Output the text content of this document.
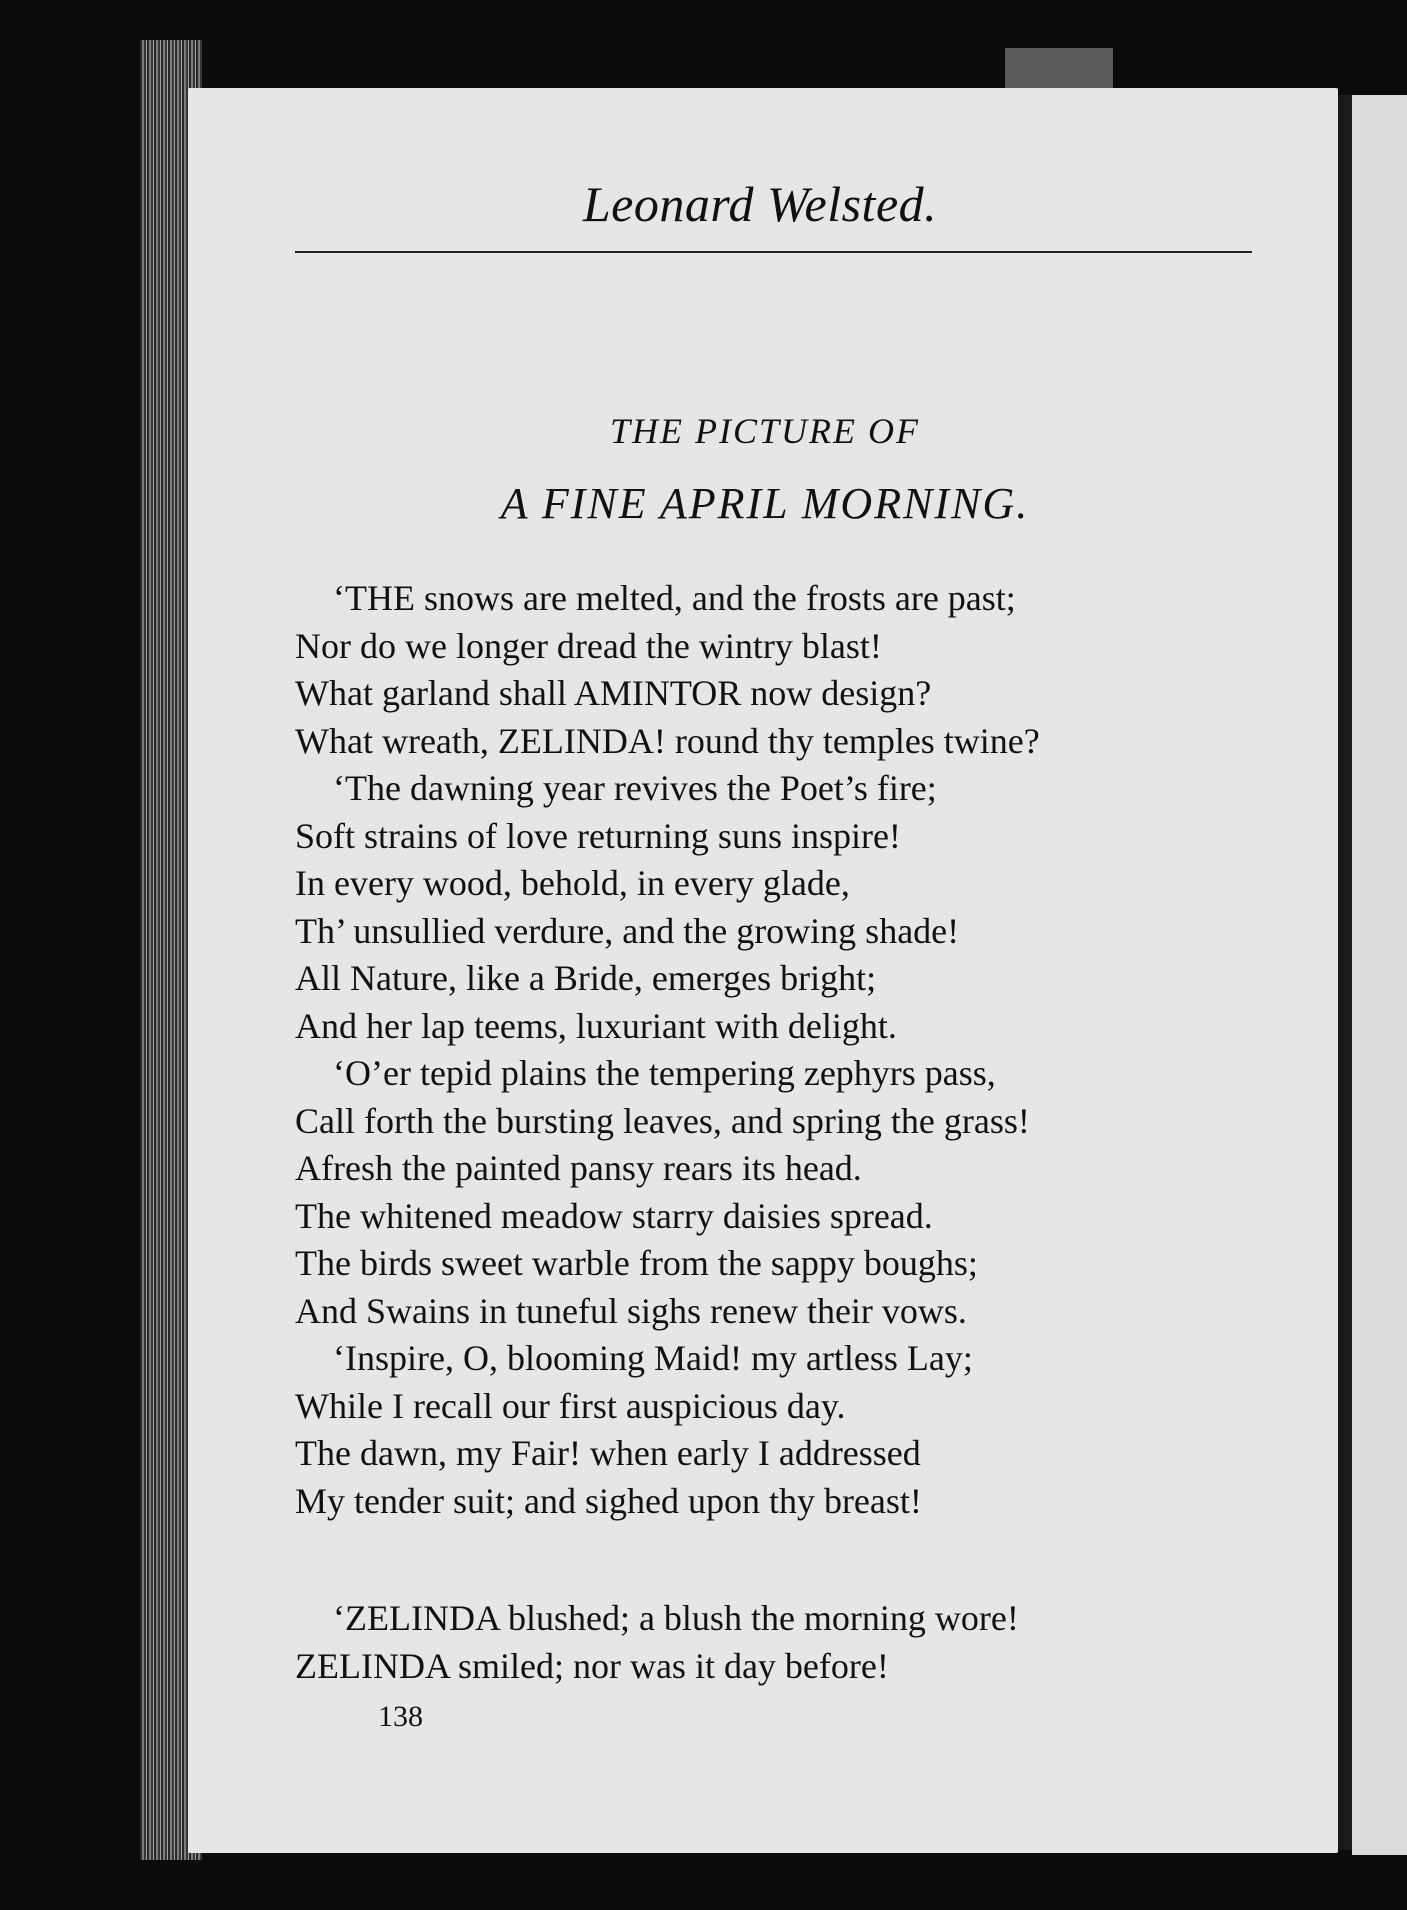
Leonard Welsted.
THE PICTURE OF
A FINE APRIL MORNING.
‘THE snows are melted, and the frosts are past;
Nor do we longer dread the wintry blast!
What garland shall AMINTOR now design?
What wreath, ZELINDA! round thy temples twine?
‘The dawning year revives the Poet’s fire;
Soft strains of love returning suns inspire!
In every wood, behold, in every glade,
Th’ unsullied verdure, and the growing shade!
All Nature, like a Bride, emerges bright;
And her lap teems, luxuriant with delight.
‘O’er tepid plains the tempering zephyrs pass,
Call forth the bursting leaves, and spring the grass!
Afresh the painted pansy rears its head.
The whitened meadow starry daisies spread.
The birds sweet warble from the sappy boughs;
And Swains in tuneful sighs renew their vows.
‘Inspire, O, blooming Maid! my artless Lay;
While I recall our first auspicious day.
The dawn, my Fair! when early I addressed
My tender suit; and sighed upon thy breast!
‘ZELINDA blushed; a blush the morning wore!
ZELINDA smiled; nor was it day before!
138
